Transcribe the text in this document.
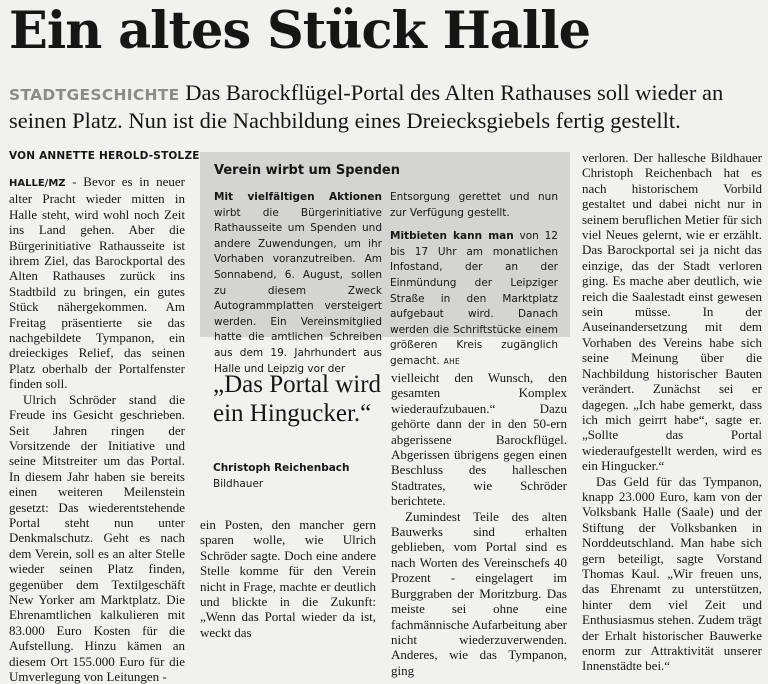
Ein altes Stück Halle
STADTGESCHICHTE Das Barockflügel-Portal des Alten Rathauses soll wieder an seinen Platz. Nun ist die Nachbildung eines Dreiecksgiebels fertig gestellt.
VON ANNETTE HEROLD-STOLZE

HALLE/MZ - Bevor es in neuer alter Pracht wieder mitten in Halle steht, wird wohl noch Zeit ins Land gehen. Aber die Bürgerinitiative Rathausseite ist ihrem Ziel, das Barockportal des Alten Rathauses zurück ins Stadtbild zu bringen, ein gutes Stück nähergekommen. Am Freitag präsentierte sie das nachgebildete Tympanon, ein dreieckiges Relief, das seinen Platz oberhalb der Portalfenster finden soll.

Ulrich Schröder stand die Freude ins Gesicht geschrieben. Seit Jahren ringen der Vorsitzende der Initiative und seine Mitstreiter um das Portal. In diesem Jahr haben sie bereits einen weiteren Meilenstein gesetzt: Das wiederentstehende Portal steht nun unter Denkmalschutz. Geht es nach dem Verein, soll es an alter Stelle wieder seinen Platz finden, gegenüber dem Textilgeschäft New Yorker am Marktplatz. Die Ehrenamtlichen kalkulieren mit 83.000 Euro Kosten für die Aufstellung. Hinzu kämen an diesem Ort 155.000 Euro für die Umverlegung von Leitungen -

Verein wirbt um Spenden

Mit vielfältigen Aktionen wirbt die Bürgerinitiative Rathausseite um Spenden und andere Zuwendungen, um ihr Vorhaben voranzutreiben. Am Sonnabend, 6. August, sollen zu diesem Zweck Autogrammplatten versteigert werden. Ein Vereinsmitglied hatte die amtlichen Schreiben aus dem 19. Jahrhundert aus Halle und Leipzig vor der

Entsorgung gerettet und nun zur Verfügung gestellt.

Mitbieten kann man von 12 bis 17 Uhr am monatlichen Infostand, der an der Einmündung der Leipziger Straße in den Marktplatz aufgebaut wird. Danach werden die Schriftstücke einem größeren Kreis zugänglich gemacht. AHE

„Das Portal wird ein Hingucker.“
Christoph Reichenbach
Bildhauer

ein Posten, den mancher gern sparen wolle, wie Ulrich Schröder sagte. Doch eine andere Stelle komme für den Verein nicht in Frage, machte er deutlich und blickte in die Zukunft: „Wenn das Portal wieder da ist, weckt das

vielleicht den Wunsch, den gesamten Komplex wiederaufzubauen.“ Dazu gehörte dann der in den 50-ern abgerissene Barockflügel. Abgerissen übrigens gegen einen Beschluss des halleschen Stadtrates, wie Schröder berichtete.

Zumindest Teile des alten Bauwerks sind erhalten geblieben, vom Portal sind es nach Worten des Vereinschefs 40 Prozent - eingelagert im Burggraben der Moritzburg. Das meiste sei ohne eine fachmännische Aufarbeitung aber nicht wiederzuverwenden. Anderes, wie das Tympanon, ging

verloren. Der hallesche Bildhauer Christoph Reichenbach hat es nach historischem Vorbild gestaltet und dabei nicht nur in seinem beruflichen Metier für sich viel Neues gelernt, wie er erzählt. Das Barockportal sei ja nicht das einzige, das der Stadt verloren ging. Es mache aber deutlich, wie reich die Saalestadt einst gewesen sein müsse. In der Auseinandersetzung mit dem Vorhaben des Vereins habe sich seine Meinung über die Nachbildung historischer Bauten verändert. Zunächst sei er dagegen. „Ich habe gemerkt, dass ich mich geirrt habe“, sagte er. „Sollte das Portal wiederaufgestellt werden, wird es ein Hingucker.“

Das Geld für das Tympanon, knapp 23.000 Euro, kam von der Volksbank Halle (Saale) und der Stiftung der Volksbanken in Norddeutschland. Man habe sich gern beteiligt, sagte Vorstand Thomas Kaul. „Wir freuen uns, das Ehrenamt zu unterstützen, hinter dem viel Zeit und Enthusiasmus stehen. Zudem trägt der Erhalt historischer Bauwerke enorm zur Attraktivität unserer Innenstädte bei.“
